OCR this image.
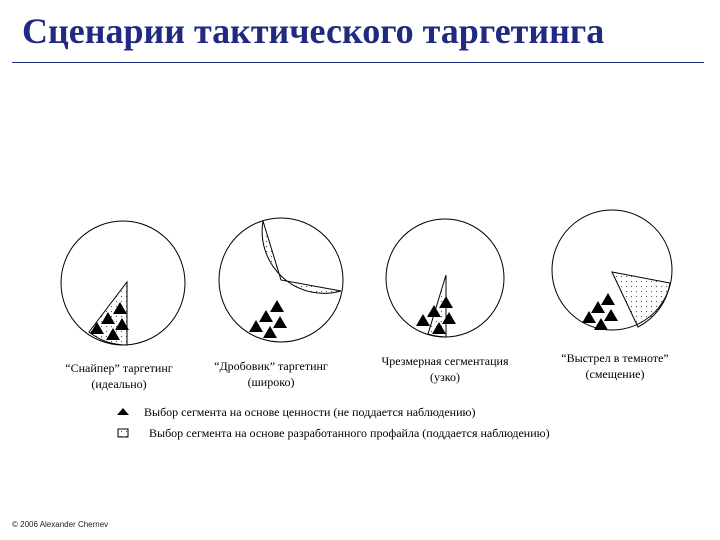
Сценарии тактического таргетинга
“Снайпер” таргетинг
(идеально)
“Дробовик” таргетинг
(широко)
Чрезмерная сегментация
(узко)
“Выстрел в темноте”
(смещение)
Выбор сегмента на основе ценности (не поддается наблюдению)
Выбор сегмента на основе разработанного профайла (поддается наблюдению)
© 2006 Alexander Chernev
